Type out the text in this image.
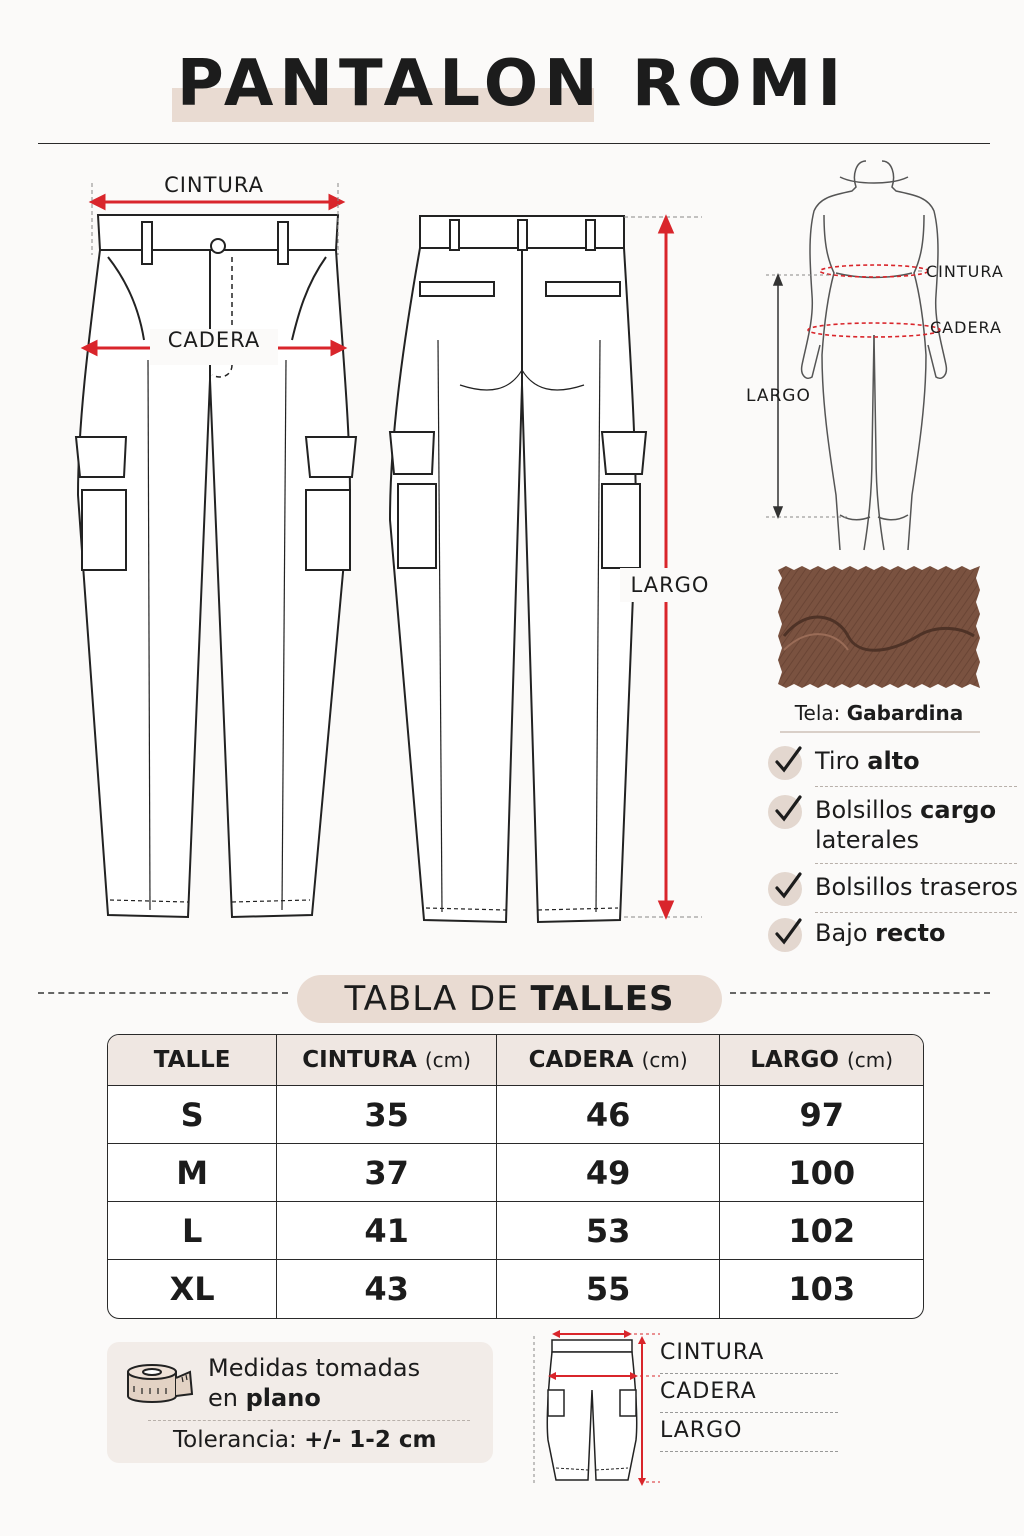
PANTALON ROMI
CINTURA
CADERA
LARGO
CINTURA
CADERA
LARGO
Tela: Gabardina
Tiro alto
Bolsillos cargo
laterales
Bolsillos traseros
Bajo recto
TABLA DE TALLES
TALLE	CINTURA (cm)	CADERA (cm)	LARGO (cm)
S	35	46	97
M	37	49	100
L	41	53	102
XL	43	55	103
Medidas tomadas
en plano
Tolerancia: +/- 1-2 cm
CINTURA
CADERA
LARGO
